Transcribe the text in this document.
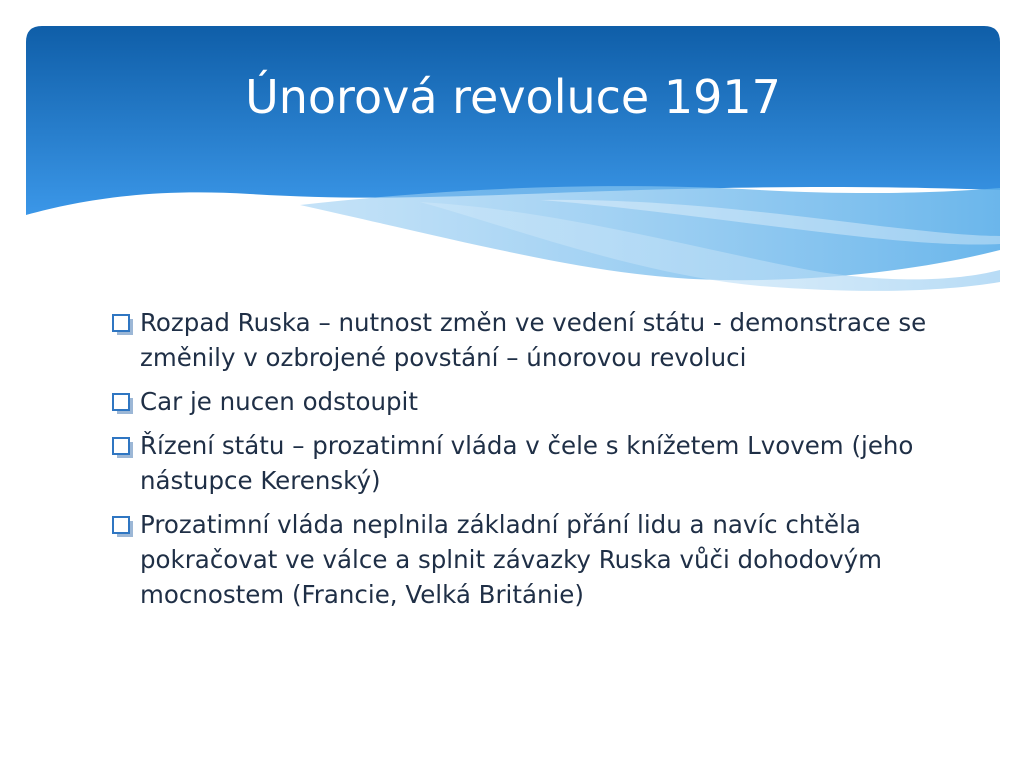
Únorová revoluce 1917
Rozpad Ruska – nutnost změn ve vedení státu - demonstrace se změnily v ozbrojené povstání – únorovou revoluci
Car je nucen odstoupit
Řízení státu – prozatimní vláda v čele s knížetem Lvovem (jeho nástupce Kerenský)
Prozatimní vláda neplnila základní přání lidu a navíc chtěla pokračovat ve válce a splnit závazky Ruska vůči dohodovým mocnostem (Francie, Velká Británie)
